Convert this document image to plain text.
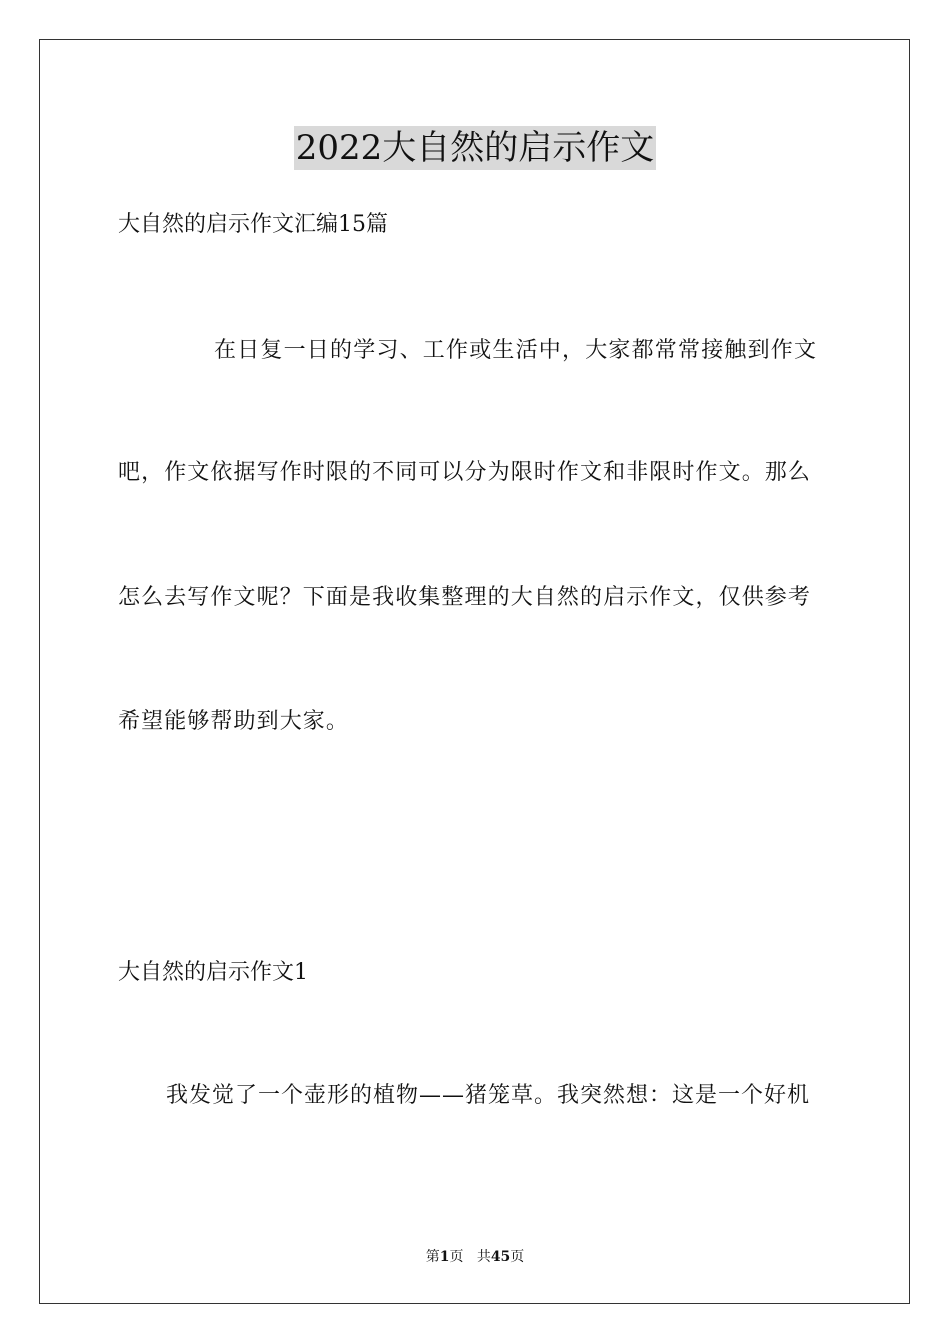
2022大自然的启示作文
大自然的启示作文汇编15篇
在日复一日的学习、工作或生活中，大家都常常接触到作文
吧，作文依据写作时限的不同可以分为限时作文和非限时作文。那么
怎么去写作文呢？下面是我收集整理的大自然的启示作文，仅供参考
希望能够帮助到大家。
大自然的启示作文1
我发觉了一个壶形的植物——猪笼草。我突然想：这是一个好机
第1页 共45页
